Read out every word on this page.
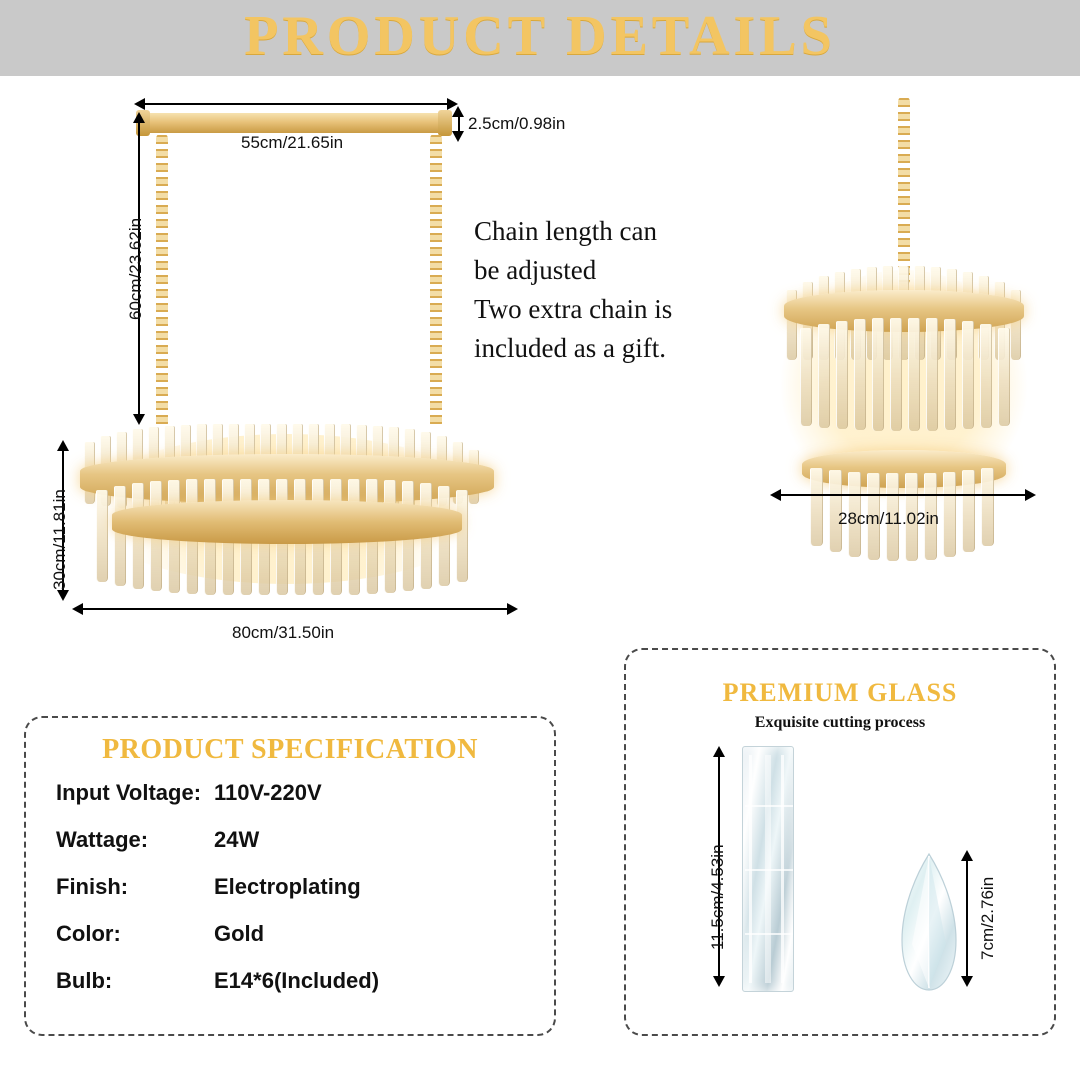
PRODUCT DETAILS
2.5cm/0.98in
55cm/21.65in
60cm/23.62in
30cm/11.81in
80cm/31.50in
Chain length can
be adjusted
Two extra chain is
included as a gift.
28cm/11.02in
PRODUCT SPECIFICATION
Input Voltage: 110V-220V
Wattage:	24W
Finish:	Electroplating
Color:	Gold
Bulb:	E14*6(Included)
PREMIUM GLASS
Exquisite cutting process
11.5cm/4.53in	7cm/2.76in
